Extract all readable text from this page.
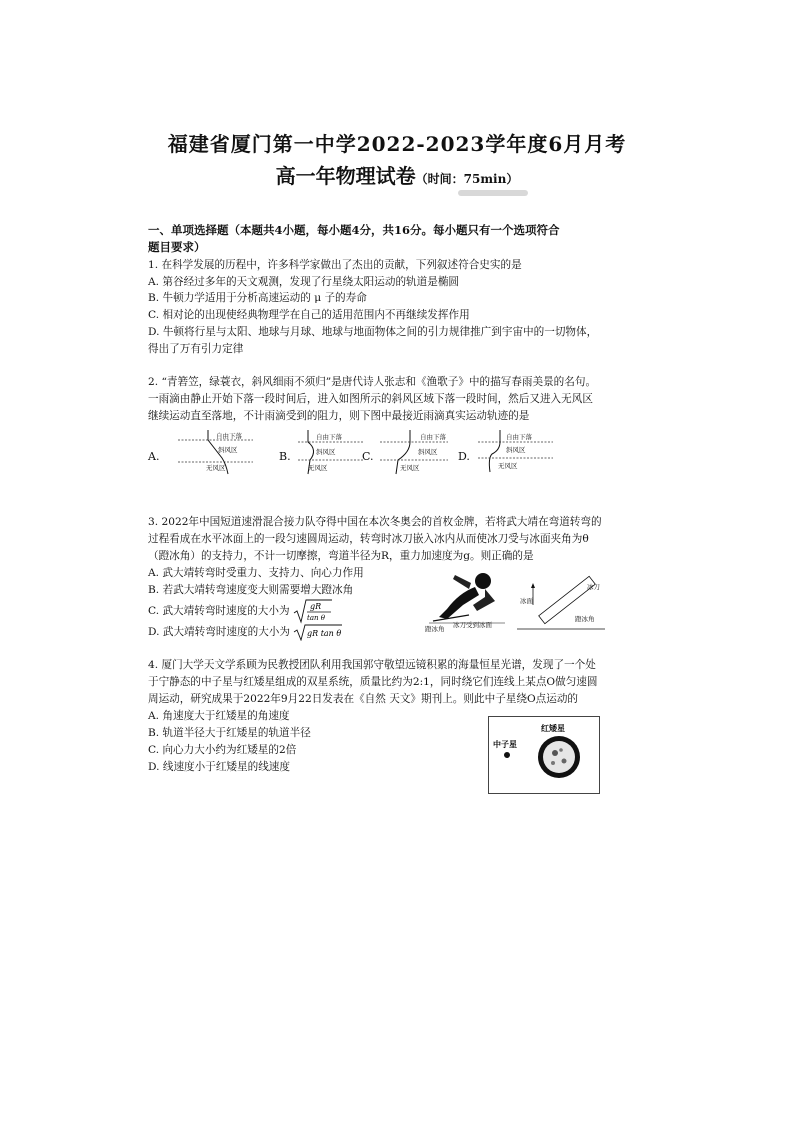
福建省厦门第一中学2022-2023学年度6月月考
高一年物理试卷（时间：75min）
一、单项选择题（本题共4小题，每小题4分，共16分。每小题只有一个选项符合
题目要求）
1. 在科学发展的历程中，许多科学家做出了杰出的贡献，下列叙述符合史实的是
A. 第谷经过多年的天文观测，发现了行星绕太阳运动的轨道是椭圆
B. 牛顿力学适用于分析高速运动的 μ 子的寿命
C. 相对论的出现使经典物理学在自己的适用范围内不再继续发挥作用
D. 牛顿将行星与太阳、地球与月球、地球与地面物体之间的引力规律推广到宇宙中的一切物体，
得出了万有引力定律
2. “青箬笠，绿蓑衣，斜风细雨不须归”是唐代诗人张志和《渔歌子》中的描写春雨美景的名句。
一雨滴由静止开始下落一段时间后，进入如图所示的斜风区域下落一段时间，然后又进入无风区
继续运动直至落地，不计雨滴受到的阻力，则下图中最接近雨滴真实运动轨迹的是
自由下落
斜风区
无风区
自由下落
斜风区
无风区
自由下落
斜风区
无风区
自由下落
斜风区
无风区
A.	B.	C.	D.
3. 2022年中国短道速滑混合接力队夺得中国在本次冬奥会的首枚金牌，若将武大靖在弯道转弯的
过程看成在水平冰面上的一段匀速圆周运动，转弯时冰刀嵌入冰内从而使冰刀受与冰面夹角为θ
（蹬冰角）的支持力，不计一切摩擦，弯道半径为R，重力加速度为g。则正确的是
A. 武大靖转弯时受重力、支持力、向心力作用
B. 若武大靖转弯速度变大则需要增大蹬冰角
C. 武大靖转弯时速度的大小为	gR
tan θ
D. 武大靖转弯时速度的大小为 gR tan θ	蹬冰角 冰刀受到冰面
冰面
冰刀
蹬冰角
4. 厦门大学天文学系顾为民教授团队利用我国郭守敬望远镜积累的海量恒星光谱，发现了一个处
于宁静态的中子星与红矮星组成的双星系统，质量比约为2:1，同时绕它们连线上某点O做匀速圆
周运动，研究成果于2022年9月22日发表在《自然 天文》期刊上。则此中子星绕O点运动的
A. 角速度大于红矮星的角速度
B. 轨道半径大于红矮星的轨道半径
C. 向心力大小约为红矮星的2倍
D. 线速度小于红矮星的线速度
红矮星
中子星
